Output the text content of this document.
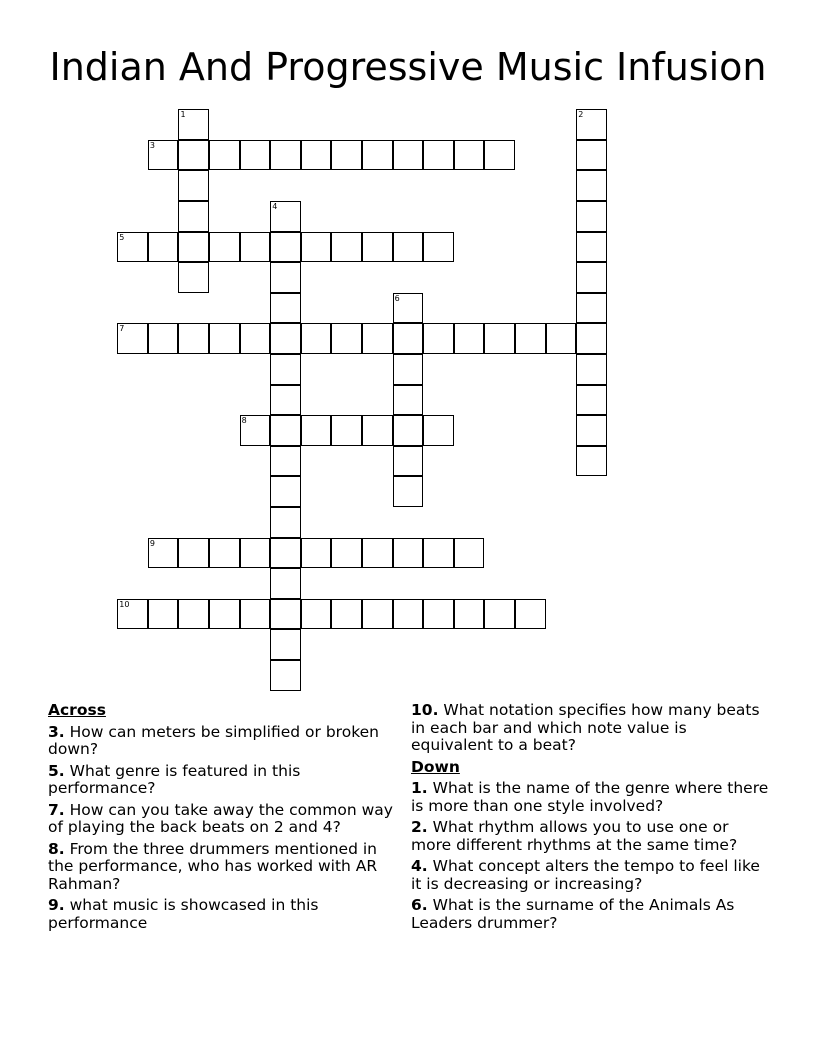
Indian And Progressive Music Infusion
1	2
3
4
5
6
7
8
9
10
Across
3. How can meters be simplified or broken down?
5. What genre is featured in this performance?
7. How can you take away the common way of playing the back beats on 2 and 4?
8. From the three drummers mentioned in the performance, who has worked with AR Rahman?
9. what music is showcased in this performance
10. What notation specifies how many beats in each bar and which note value is equivalent to a beat?
Down
1. What is the name of the genre where there is more than one style involved?
2. What rhythm allows you to use one or more different rhythms at the same time?
4. What concept alters the tempo to feel like it is decreasing or increasing?
6. What is the surname of the Animals As Leaders drummer?
